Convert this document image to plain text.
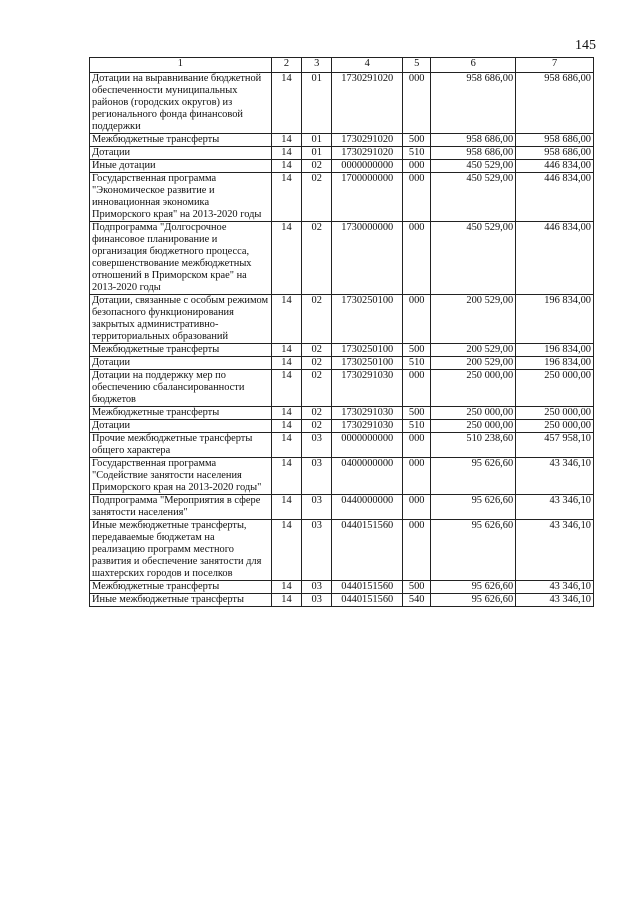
145
1	2	3	4	5	6	7
Дотации на выравнивание бюджетной обеспеченности муниципальных районов (городских округов) из регионального фонда финансовой поддержки	14	01	1730291020	000	958 686,00	958 686,00
Межбюджетные трансферты	14	01	1730291020	500	958 686,00	958 686,00
Дотации	14	01	1730291020	510	958 686,00	958 686,00
Иные дотации	14	02	0000000000	000	450 529,00	446 834,00
Государственная программа "Экономическое развитие и инновационная экономика Приморского края" на 2013-2020 годы	14	02	1700000000	000	450 529,00	446 834,00
Подпрограмма "Долгосрочное финансовое планирование и организация бюджетного процесса, совершенствование межбюджетных отношений в Приморском крае" на 2013-2020 годы	14	02	1730000000	000	450 529,00	446 834,00
Дотации, связанные с особым режимом безопасного функционирования закрытых административно-территориальных образований	14	02	1730250100	000	200 529,00	196 834,00
Межбюджетные трансферты	14	02	1730250100	500	200 529,00	196 834,00
Дотации	14	02	1730250100	510	200 529,00	196 834,00
Дотации на поддержку мер по обеспечению сбалансированности бюджетов	14	02	1730291030	000	250 000,00	250 000,00
Межбюджетные трансферты	14	02	1730291030	500	250 000,00	250 000,00
Дотации	14	02	1730291030	510	250 000,00	250 000,00
Прочие межбюджетные трансферты общего характера	14	03	0000000000	000	510 238,60	457 958,10
Государственная программа "Содействие занятости населения Приморского края на 2013-2020 годы"	14	03	0400000000	000	95 626,60	43 346,10
Подпрограмма "Мероприятия в сфере занятости населения"	14	03	0440000000	000	95 626,60	43 346,10
Иные межбюджетные трансферты, передаваемые бюджетам на реализацию программ местного развития и обеспечение занятости для шахтерских городов и поселков	14	03	0440151560	000	95 626,60	43 346,10
Межбюджетные трансферты	14	03	0440151560	500	95 626,60	43 346,10
Иные межбюджетные трансферты	14	03	0440151560	540	95 626,60	43 346,10
